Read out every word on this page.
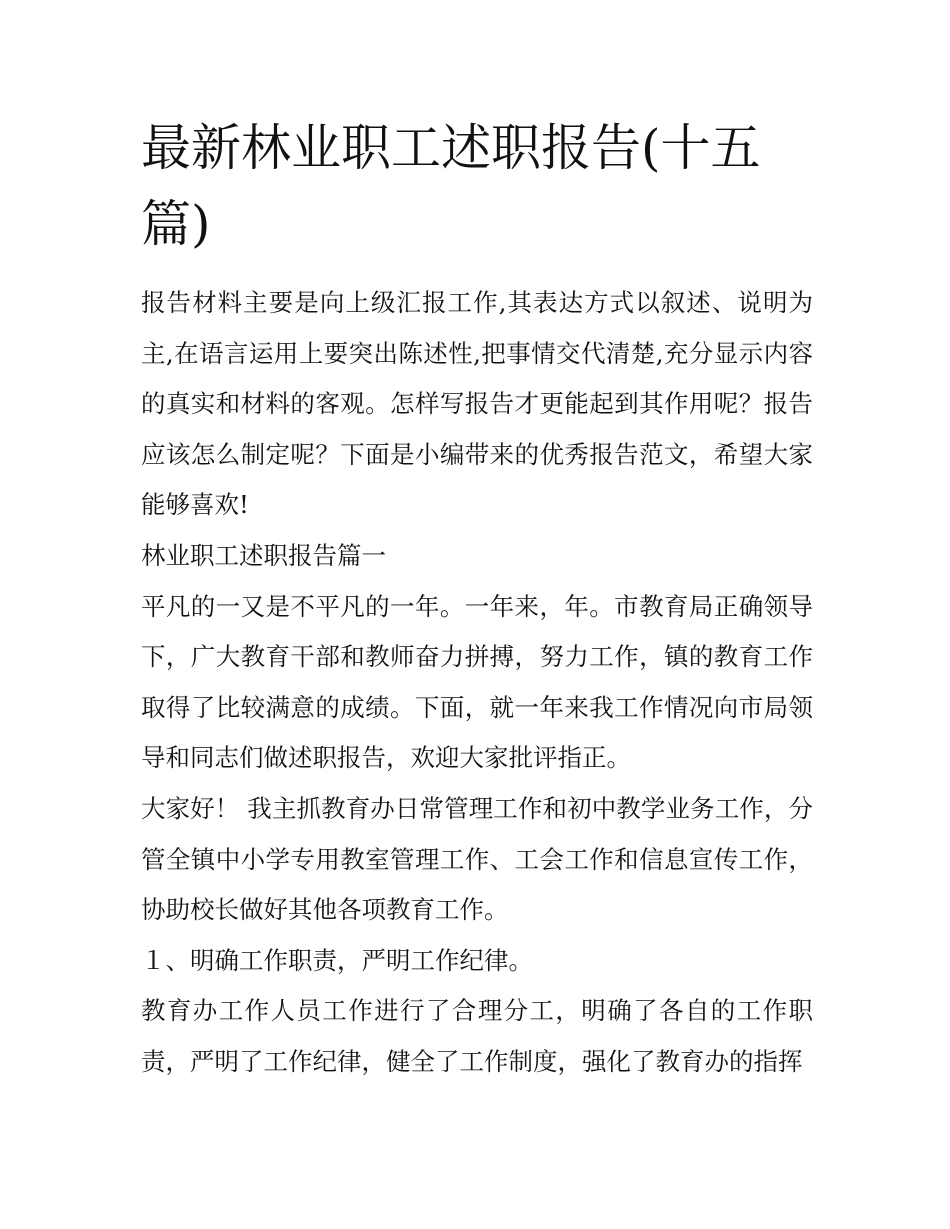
最新林业职工述职报告(十五篇)

报告材料主要是向上级汇报工作,其表达方式以叙述、说明为主,在语言运用上要突出陈述性,把事情交代清楚,充分显示内容的真实和材料的客观。怎样写报告才更能起到其作用呢？报告应该怎么制定呢？下面是小编带来的优秀报告范文，希望大家能够喜欢!

林业职工述职报告篇一

平凡的一又是不平凡的一年。一年来，年。市教育局正确领导下，广大教育干部和教师奋力拼搏，努力工作，镇的教育工作取得了比较满意的成绩。下面，就一年来我工作情况向市局领导和同志们做述职报告，欢迎大家批评指正。

大家好！ 我主抓教育办日常管理工作和初中教学业务工作，分管全镇中小学专用教室管理工作、工会工作和信息宣传工作，协助校长做好其他各项教育工作。

１、明确工作职责，严明工作纪律。

教育办工作人员工作进行了合理分工，明确了各自的工作职责，严明了工作纪律，健全了工作制度，强化了教育办的指挥
